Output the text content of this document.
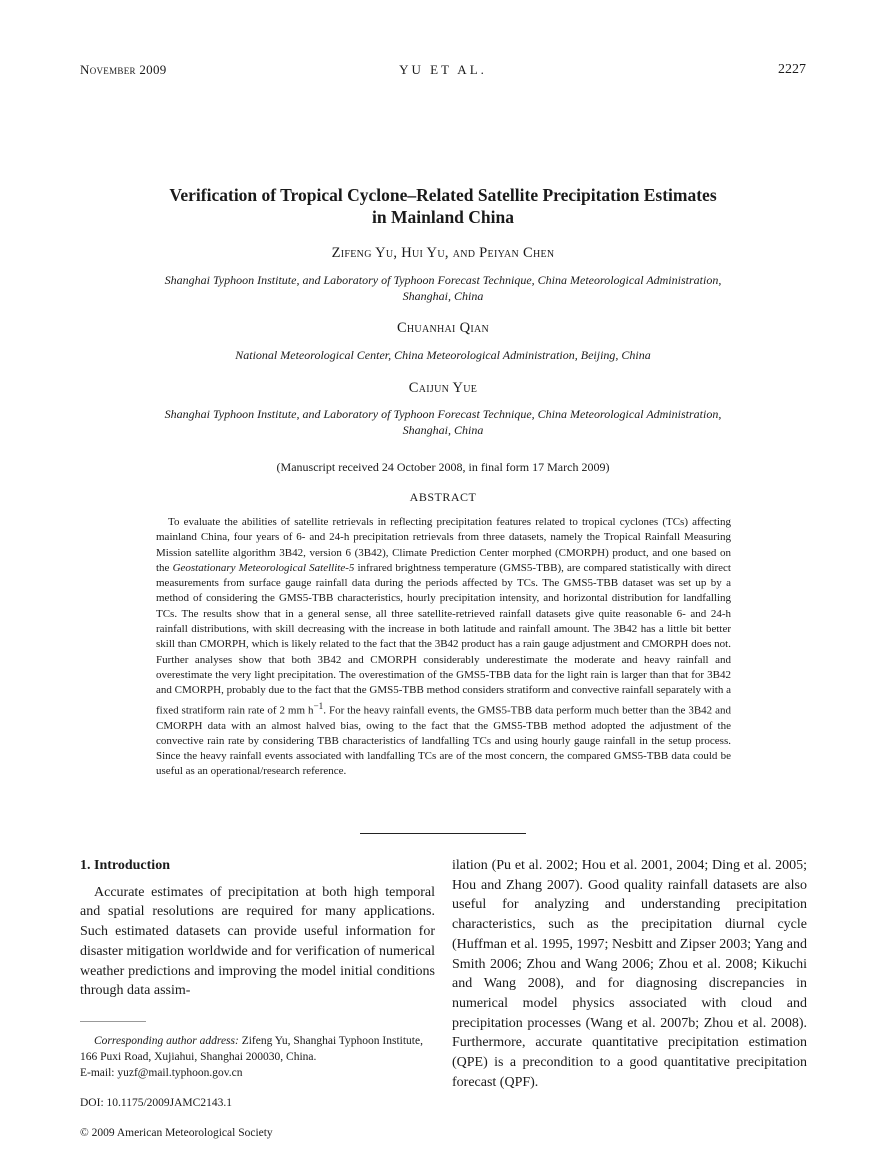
November 2009	YU ET AL.	2227
Verification of Tropical Cyclone–Related Satellite Precipitation Estimates
in Mainland China
Zifeng Yu, Hui Yu, and Peiyan Chen
Shanghai Typhoon Institute, and Laboratory of Typhoon Forecast Technique, China Meteorological Administration,
Shanghai, China
Chuanhai Qian
National Meteorological Center, China Meteorological Administration, Beijing, China
Caijun Yue
Shanghai Typhoon Institute, and Laboratory of Typhoon Forecast Technique, China Meteorological Administration,
Shanghai, China
(Manuscript received 24 October 2008, in final form 17 March 2009)
ABSTRACT

To evaluate the abilities of satellite retrievals in reflecting precipitation features related to tropical cyclones (TCs) affecting mainland China, four years of 6- and 24-h precipitation retrievals from three datasets, namely the Tropical Rainfall Measuring Mission satellite algorithm 3B42, version 6 (3B42), Climate Prediction Center morphed (CMORPH) product, and one based on the Geostationary Meteorological Satellite-5 infrared brightness temperature (GMS5-TBB), are compared statistically with direct measurements from surface gauge rainfall data during the periods affected by TCs. The GMS5-TBB dataset was set up by a method of considering the GMS5-TBB characteristics, hourly precipitation intensity, and horizontal distribution for landfalling TCs. The results show that in a general sense, all three satellite-retrieved rainfall datasets give quite reasonable 6- and 24-h rainfall distributions, with skill decreasing with the increase in both latitude and rainfall amount. The 3B42 has a little bit better skill than CMORPH, which is likely related to the fact that the 3B42 product has a rain gauge adjustment and CMORPH does not. Further analyses show that both 3B42 and CMORPH considerably underestimate the moderate and heavy rainfall and overestimate the very light precipitation. The overestimation of the GMS5-TBB data for the light rain is larger than that for 3B42 and CMORPH, probably due to the fact that the GMS5-TBB method considers stratiform and convective rainfall separately with a fixed stratiform rain rate of 2 mm $h^{-1}$. For the heavy rainfall events, the GMS5-TBB data perform much better than the 3B42 and CMORPH data with an almost halved bias, owing to the fact that the GMS5-TBB method adopted the adjustment of the convective rain rate by considering TBB characteristics of landfalling TCs and using hourly gauge rainfall in the setup process. Since the heavy rainfall events associated with landfalling TCs are of the most concern, the compared GMS5-TBB data could be useful as an operational/research reference.

1. Introduction

Accurate estimates of precipitation at both high temporal and spatial resolutions are required for many applications. Such estimated datasets can provide useful information for disaster mitigation worldwide and for verification of numerical weather predictions and improving the model initial conditions through data assim-

ilation (Pu et al. 2002; Hou et al. 2001, 2004; Ding et al. 2005; Hou and Zhang 2007). Good quality rainfall datasets are also useful for analyzing and understanding precipitation characteristics, such as the precipitation diurnal cycle (Huffman et al. 1995, 1997; Nesbitt and Zipser 2003; Yang and Smith 2006; Zhou and Wang 2006; Zhou et al. 2008; Kikuchi and Wang 2008), and for diagnosing discrepancies in numerical model physics associated with cloud and precipitation processes (Wang et al. 2007b; Zhou et al. 2008). Furthermore, accurate quantitative precipitation estimation (QPE) is a precondition to a good quantitative precipitation forecast (QPF).

Corresponding author address: Zifeng Yu, Shanghai Typhoon Institute, 166 Puxi Road, Xujiahui, Shanghai 200030, China.
E-mail: yuzf@mail.typhoon.gov.cn

DOI: 10.1175/2009JAMC2143.1
© 2009 American Meteorological Society
